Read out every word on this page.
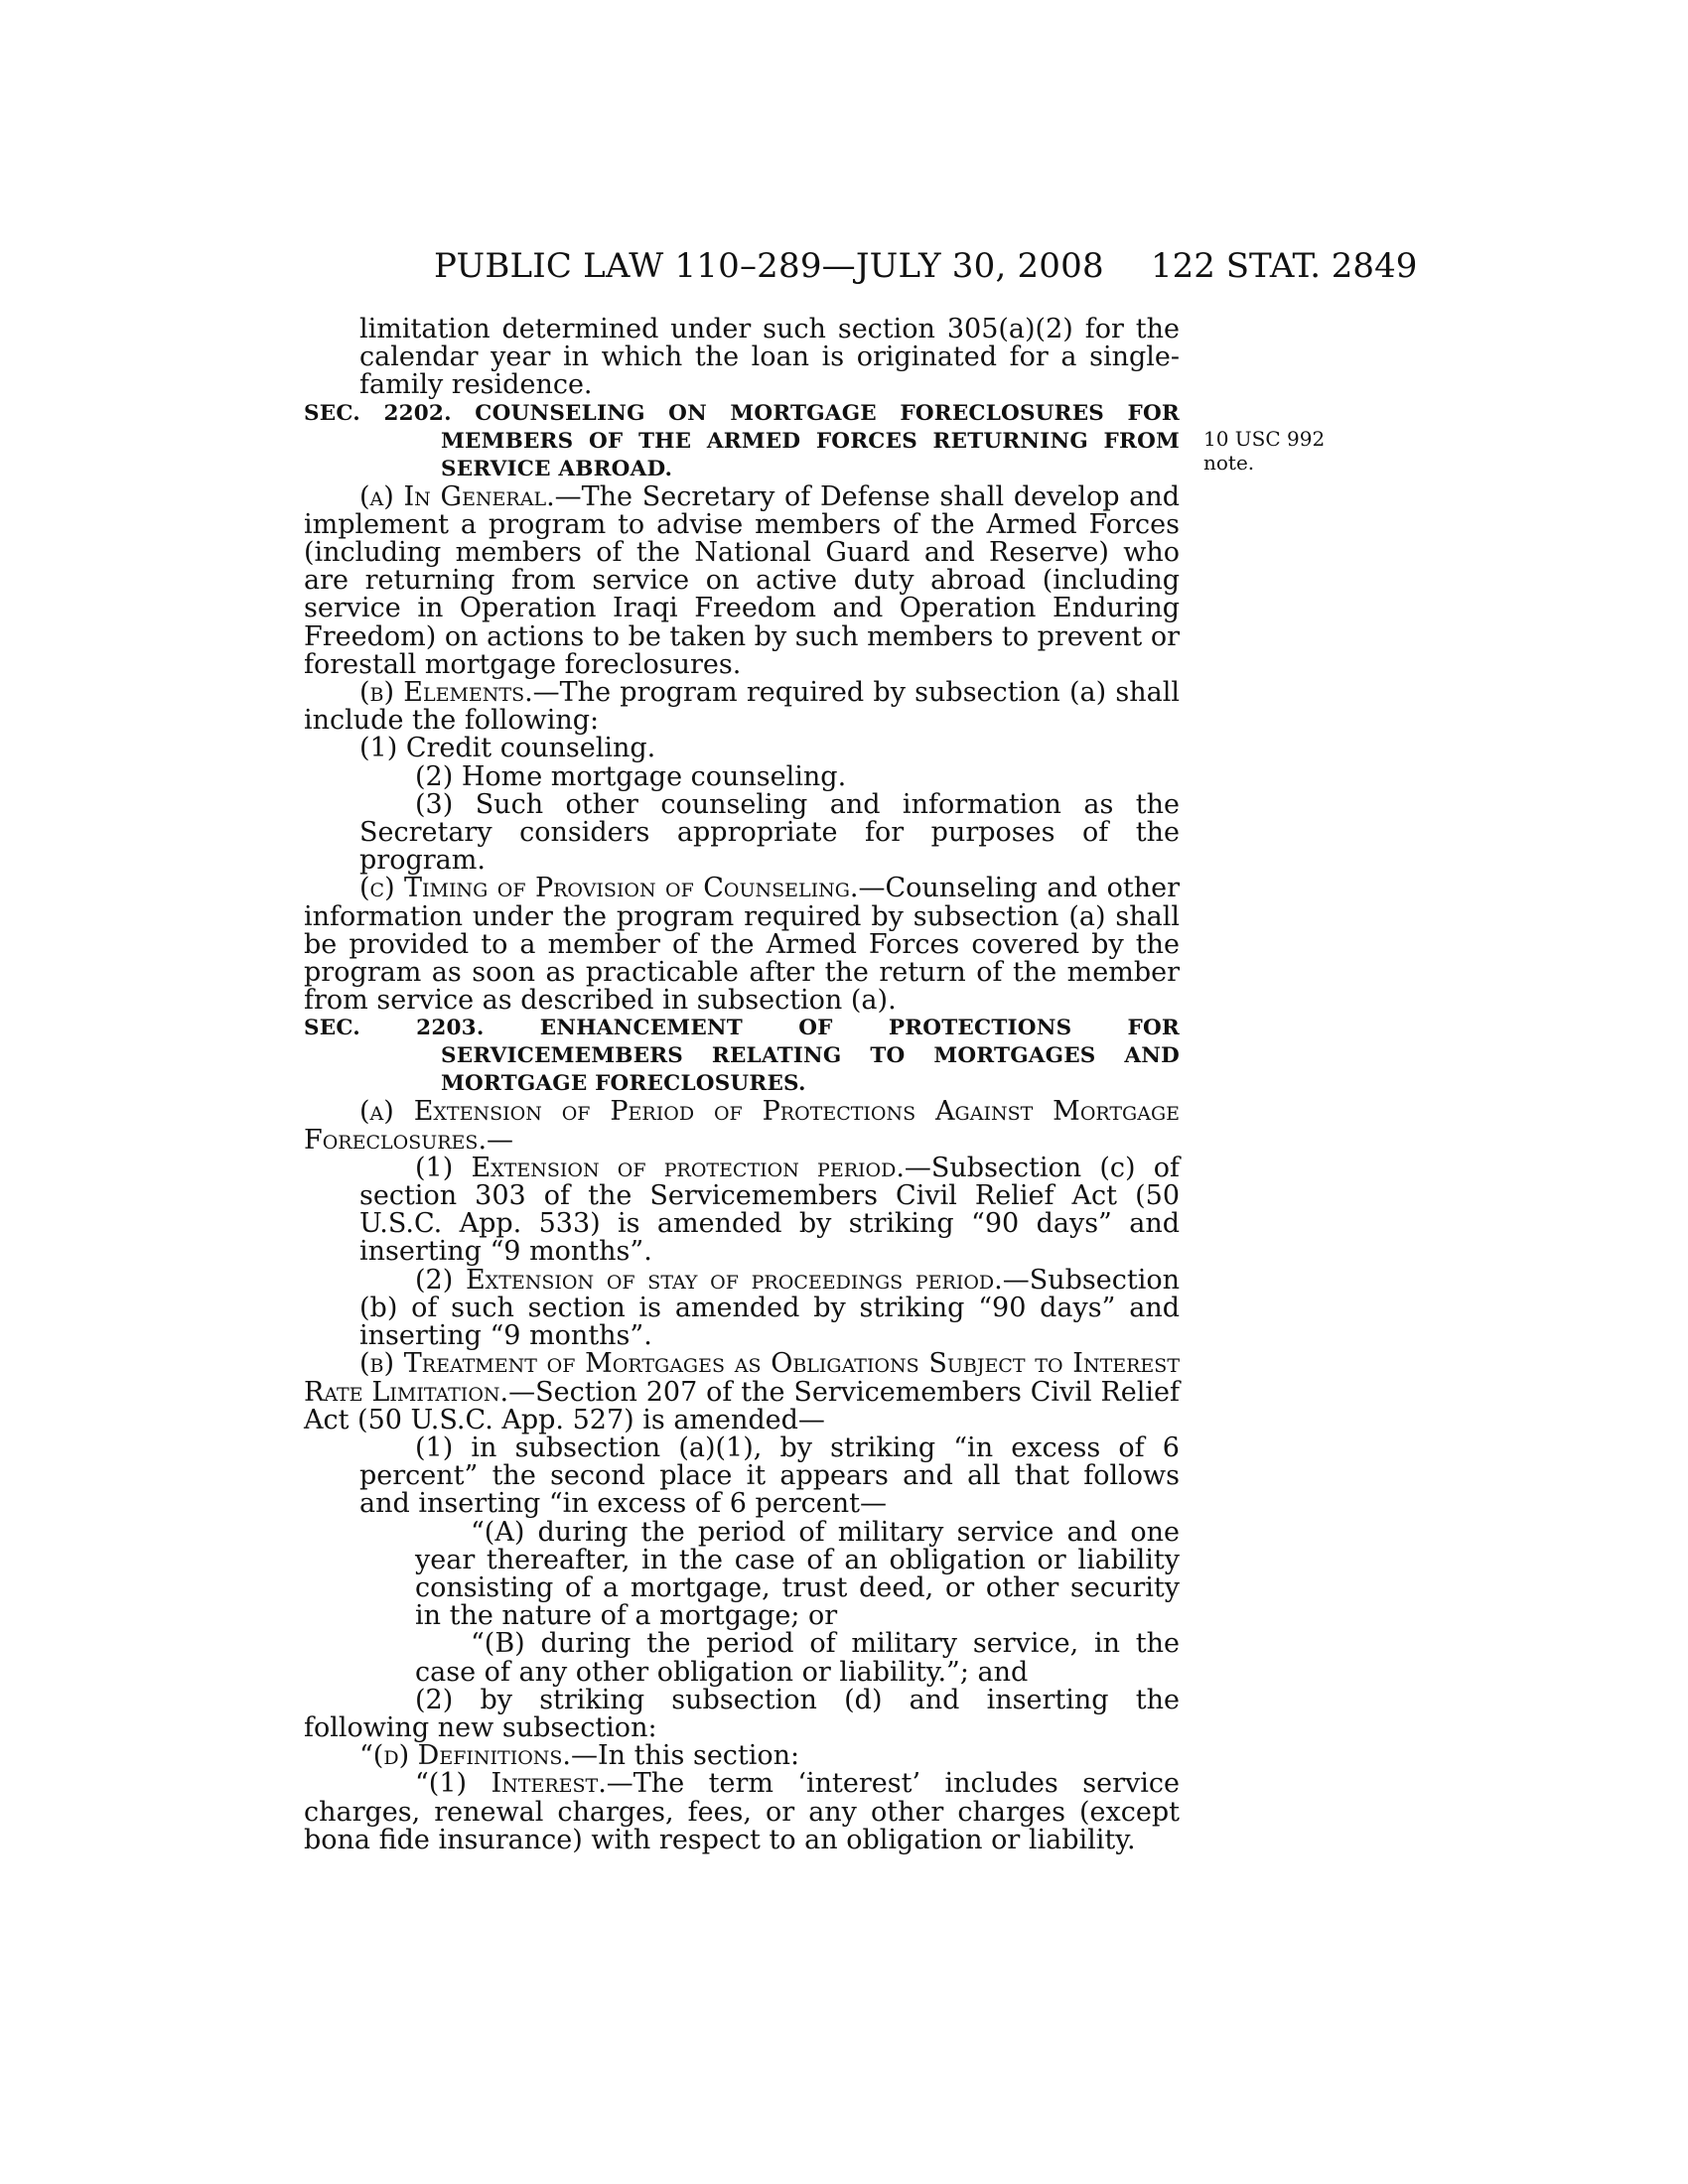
PUBLIC LAW 110–289—JULY 30, 2008 122 STAT. 2849
10 USC 992
note.

limitation determined under such section 305(a)(2) for the calendar year in which the loan is originated for a single-family residence.

SEC. 2202. COUNSELING ON MORTGAGE FORECLOSURES FOR MEMBERS OF THE ARMED FORCES RETURNING FROM SERVICE ABROAD.

(a) In General.—The Secretary of Defense shall develop and implement a program to advise members of the Armed Forces (including members of the National Guard and Reserve) who are returning from service on active duty abroad (including service in Operation Iraqi Freedom and Operation Enduring Freedom) on actions to be taken by such members to prevent or forestall mortgage foreclosures.

(b) Elements.—The program required by subsection (a) shall include the following:

(1) Credit counseling.

(2) Home mortgage counseling.

(3) Such other counseling and information as the Secretary considers appropriate for purposes of the program.

(c) Timing of Provision of Counseling.—Counseling and other information under the program required by subsection (a) shall be provided to a member of the Armed Forces covered by the program as soon as practicable after the return of the member from service as described in subsection (a).

SEC. 2203. ENHANCEMENT OF PROTECTIONS FOR SERVICEMEMBERS RELATING TO MORTGAGES AND MORTGAGE FORECLOSURES.

(a) Extension of Period of Protections Against Mortgage Foreclosures.—

(1) Extension of protection period.—Subsection (c) of section 303 of the Servicemembers Civil Relief Act (50 U.S.C. App. 533) is amended by striking “90 days” and inserting “9 months”.

(2) Extension of stay of proceedings period.—Subsection (b) of such section is amended by striking “90 days” and inserting “9 months”.

(b) Treatment of Mortgages as Obligations Subject to Interest Rate Limitation.—Section 207 of the Servicemembers Civil Relief Act (50 U.S.C. App. 527) is amended—

(1) in subsection (a)(1), by striking “in excess of 6 percent” the second place it appears and all that follows and inserting “in excess of 6 percent—

“(A) during the period of military service and one year thereafter, in the case of an obligation or liability consisting of a mortgage, trust deed, or other security in the nature of a mortgage; or

“(B) during the period of military service, in the case of any other obligation or liability.”; and

(2) by striking subsection (d) and inserting the following new subsection:

“(d) Definitions.—In this section:

“(1) Interest.—The term ‘interest’ includes service charges, renewal charges, fees, or any other charges (except bona fide insurance) with respect to an obligation or liability.
